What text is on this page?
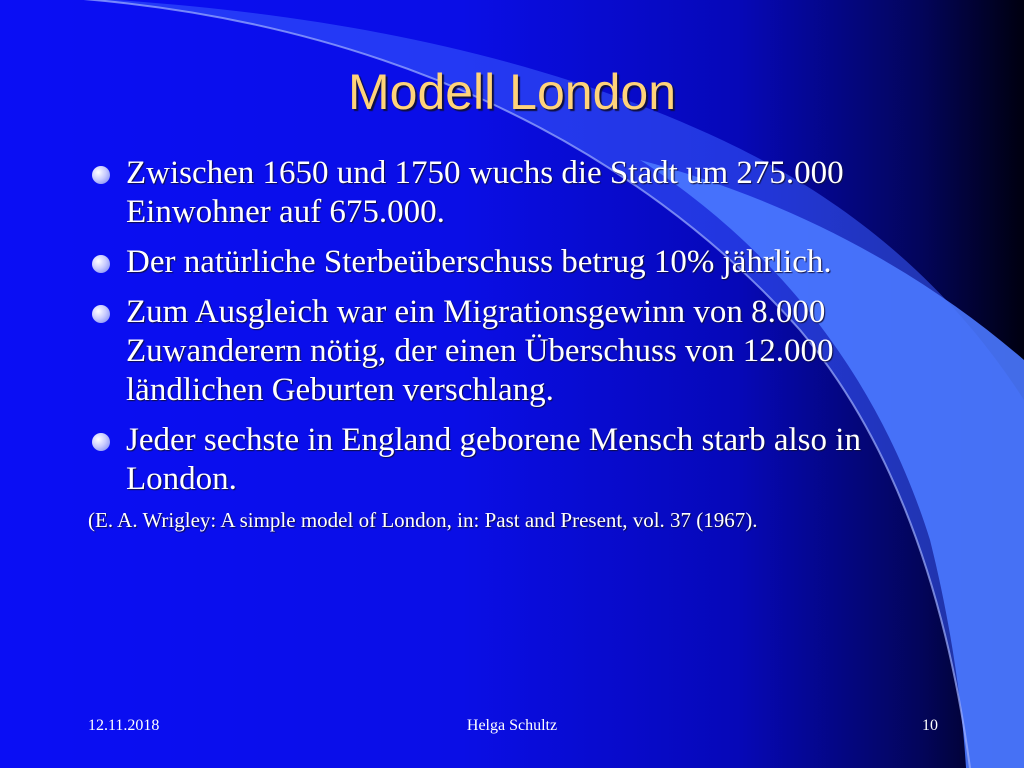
Modell London
Zwischen 1650 und 1750 wuchs die Stadt um 275.000 Einwohner auf 675.000.
Der natürliche Sterbeüberschuss betrug 10% jährlich.
Zum Ausgleich war ein Migrationsgewinn von 8.000 Zuwanderern nötig, der einen Überschuss von 12.000 ländlichen Geburten verschlang.
Jeder sechste in England geborene Mensch starb also in London.
(E. A. Wrigley: A simple model of London, in: Past and Present, vol. 37 (1967).
12.11.2018	Helga Schultz	10
